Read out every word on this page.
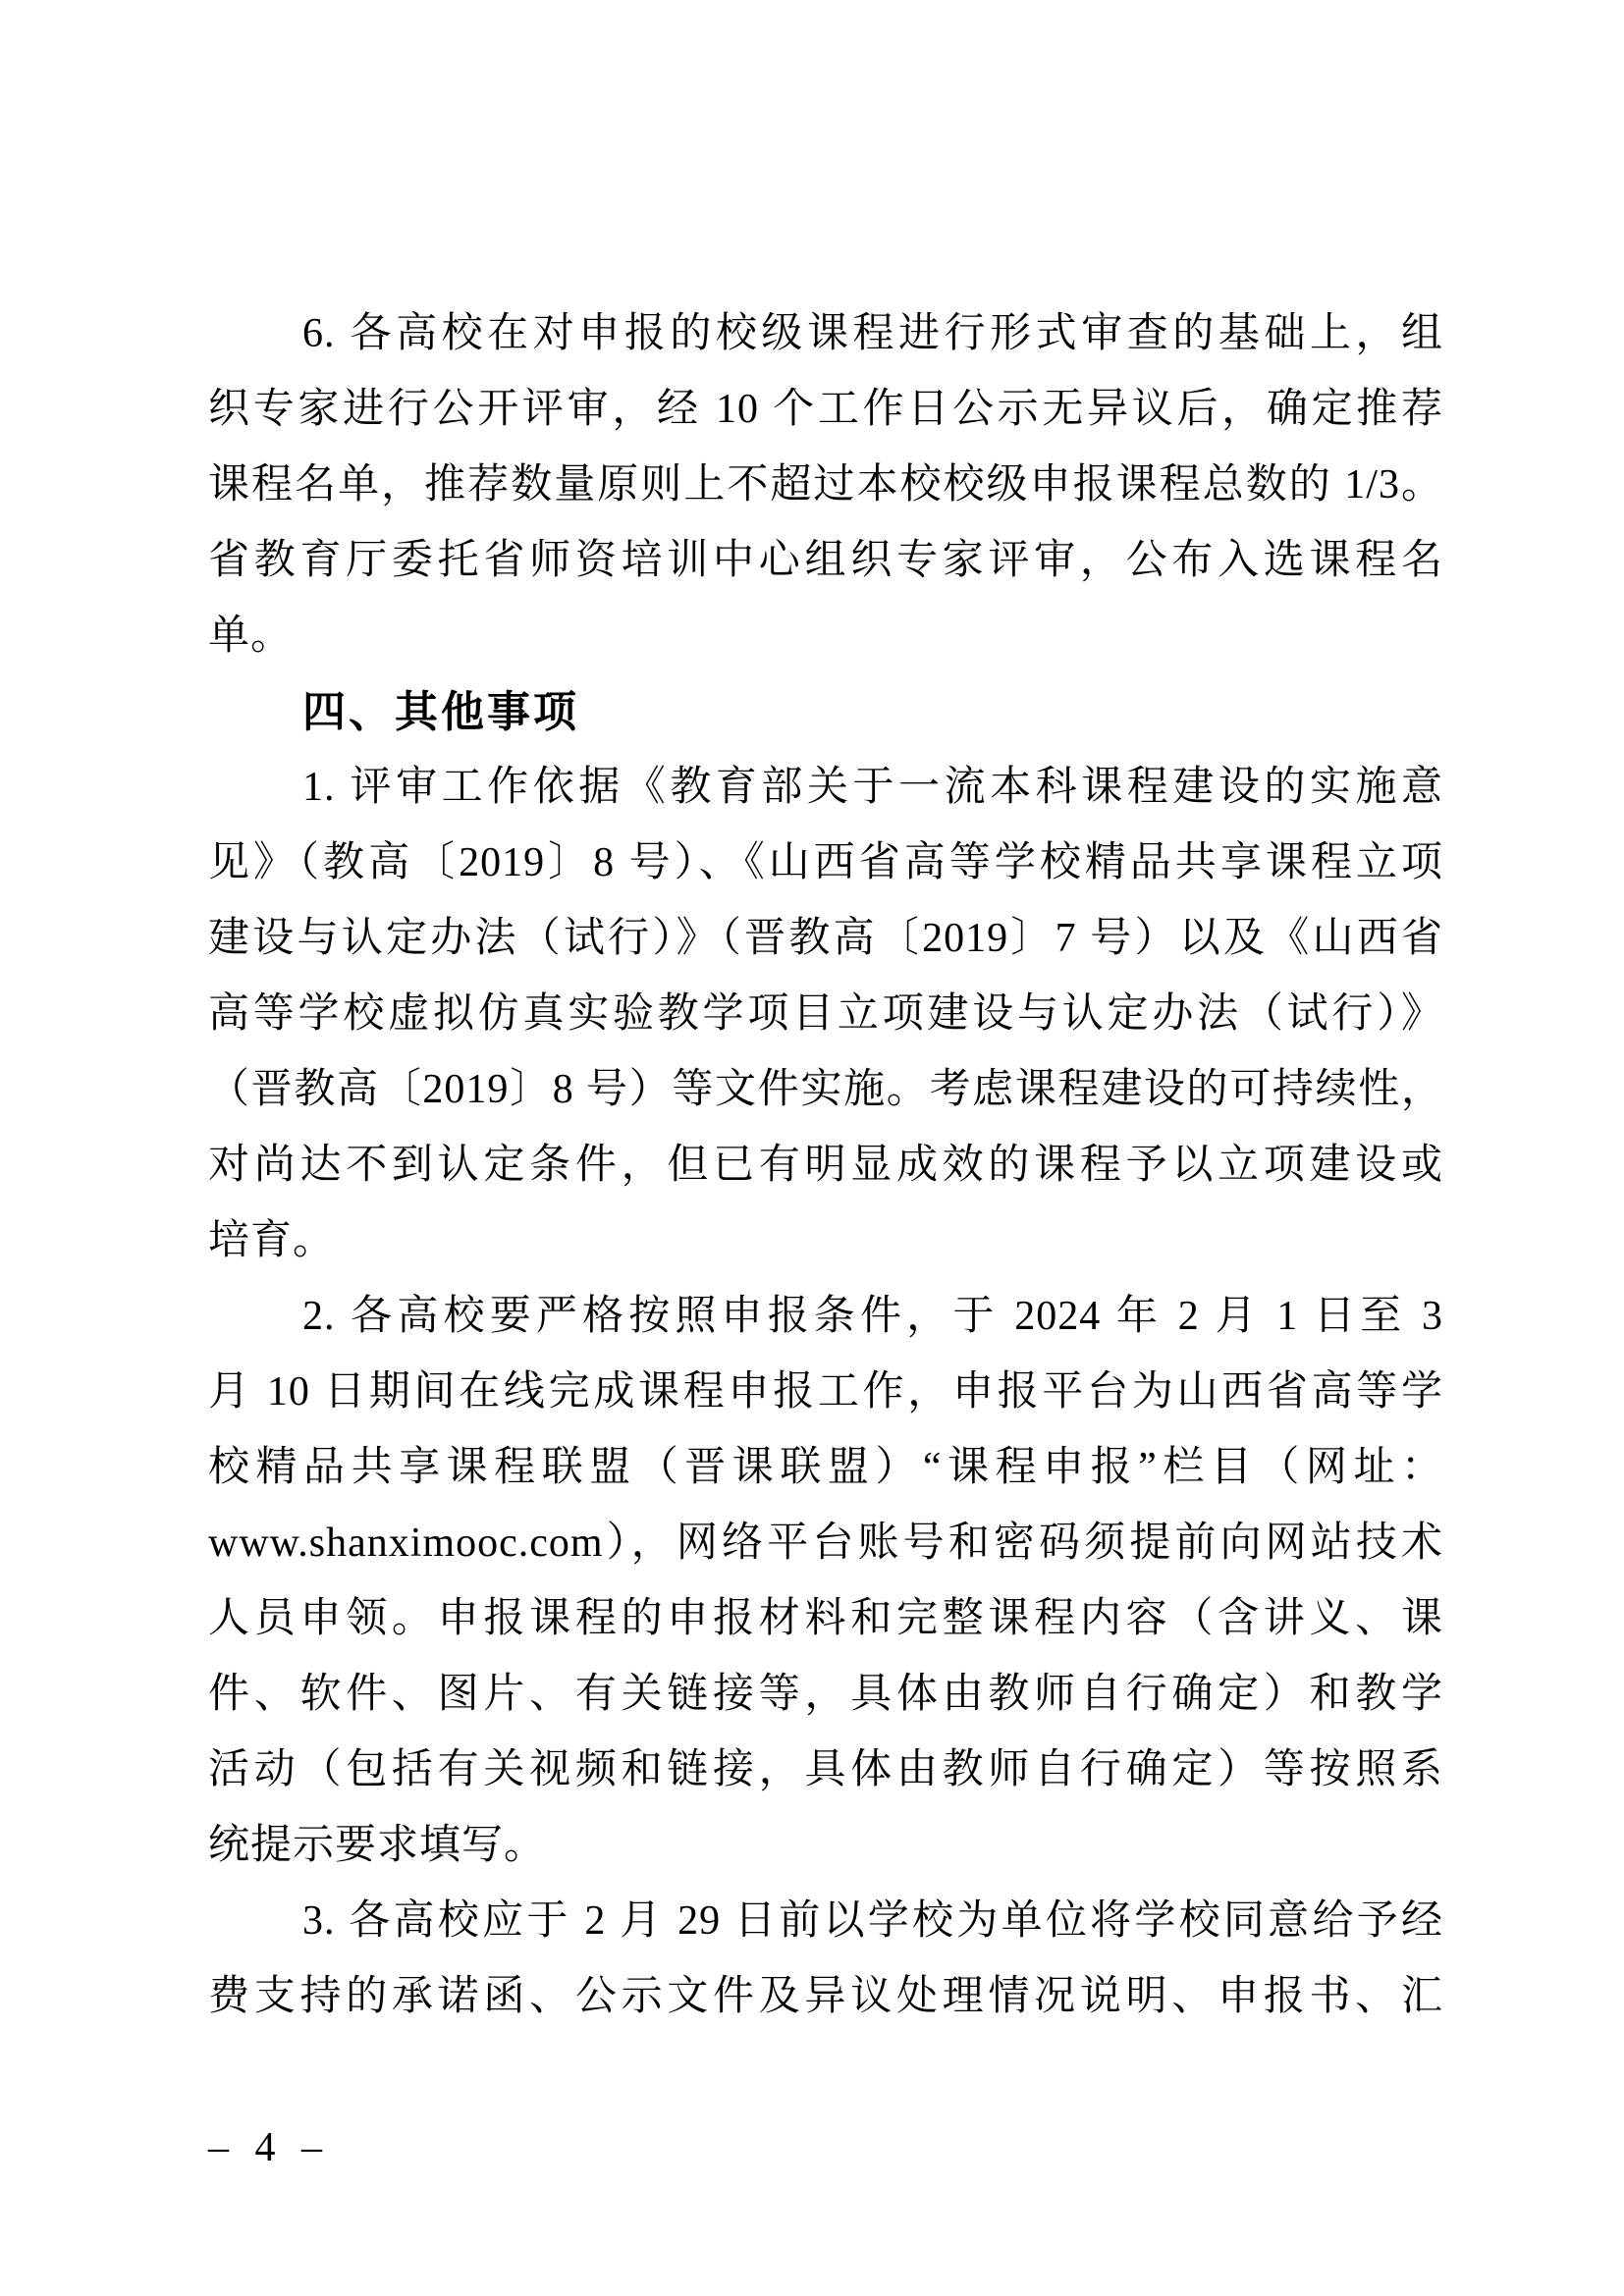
6. 各高校在对申报的校级课程进行形式审查的基础上，组
织专家进行公开评审，经 10 个工作日公示无异议后，确定推荐
课程名单，推荐数量原则上不超过本校校级申报课程总数的 1/3。
省教育厅委托省师资培训中心组织专家评审，公布入选课程名
单。
四、其他事项
1. 评审工作依据《教育部关于一流本科课程建设的实施意
见》（教高〔2019〕8 号）、《山西省高等学校精品共享课程立项
建设与认定办法（试行）》（晋教高〔2019〕7 号）以及《山西省
高等学校虚拟仿真实验教学项目立项建设与认定办法（试行）》
（晋教高〔2019〕8 号）等文件实施。考虑课程建设的可持续性，
对尚达不到认定条件，但已有明显成效的课程予以立项建设或
培育。
2. 各高校要严格按照申报条件，于 2024 年 2 月 1 日至 3
月 10 日期间在线完成课程申报工作，申报平台为山西省高等学
校精品共享课程联盟（晋课联盟）“课程申报”栏目（网址：
www.shanximooc.com），网络平台账号和密码须提前向网站技术
人员申领。申报课程的申报材料和完整课程内容（含讲义、课
件、软件、图片、有关链接等，具体由教师自行确定）和教学
活动（包括有关视频和链接，具体由教师自行确定）等按照系
统提示要求填写。
3. 各高校应于 2 月 29 日前以学校为单位将学校同意给予经
费支持的承诺函、公示文件及异议处理情况说明、申报书、汇
– 4 –
